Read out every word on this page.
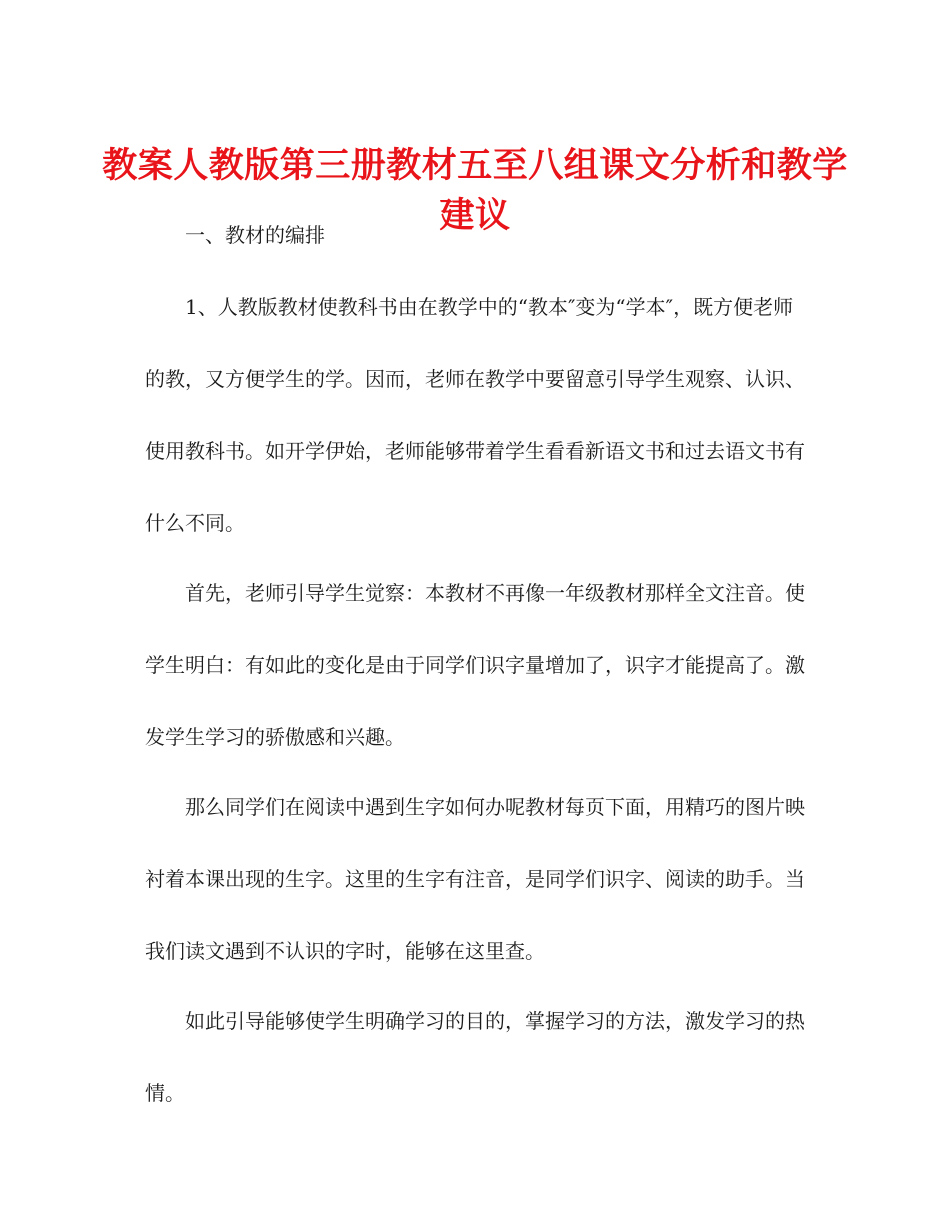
教案人教版第三册教材五至八组课文分析和教学建议

一、教材的编排

1、人教版教材使教科书由在教学中的“教本″变为“学本″，既方便老师的教，又方便学生的学。因而，老师在教学中要留意引导学生观察、认识、使用教科书。如开学伊始，老师能够带着学生看看新语文书和过去语文书有什么不同。

首先，老师引导学生觉察：本教材不再像一年级教材那样全文注音。使学生明白：有如此的变化是由于同学们识字量增加了，识字才能提高了。激发学生学习的骄傲感和兴趣。

那么同学们在阅读中遇到生字如何办呢教材每页下面，用精巧的图片映衬着本课出现的生字。这里的生字有注音，是同学们识字、阅读的助手。当我们读文遇到不认识的字时，能够在这里查。

如此引导能够使学生明确学习的目的，掌握学习的方法，激发学习的热情。
